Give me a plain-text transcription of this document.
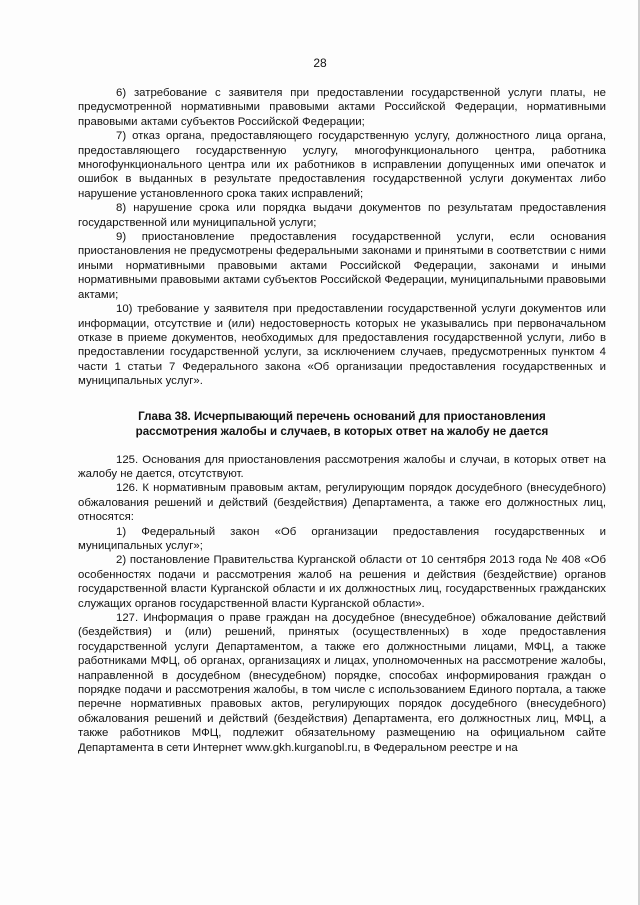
28

6) затребование с заявителя при предоставлении государственной услуги платы, не предусмотренной нормативными правовыми актами Российской Федерации, нормативными правовыми актами субъектов Российской Федерации;

7) отказ органа, предоставляющего государственную услугу, должностного лица органа, предоставляющего государственную услугу, многофункционального центра, работника многофункционального центра или их работников в исправлении допущенных ими опечаток и ошибок в выданных в результате предоставления государственной услуги документах либо нарушение установленного срока таких исправлений;

8) нарушение срока или порядка выдачи документов по результатам предоставления государственной или муниципальной услуги;

9) приостановление предоставления государственной услуги, если основания приостановления не предусмотрены федеральными законами и принятыми в соответствии с ними иными нормативными правовыми актами Российской Федерации, законами и иными нормативными правовыми актами субъектов Российской Федерации, муниципальными правовыми актами;

10) требование у заявителя при предоставлении государственной услуги документов или информации, отсутствие и (или) недостоверность которых не указывались при первоначальном отказе в приеме документов, необходимых для предоставления государственной услуги, либо в предоставлении государственной услуги, за исключением случаев, предусмотренных пунктом 4 части 1 статьи 7 Федерального закона «Об организации предоставления государственных и муниципальных услуг».

Глава 38. Исчерпывающий перечень оснований для приостановления
рассмотрения жалобы и случаев, в которых ответ на жалобу не дается

125. Основания для приостановления рассмотрения жалобы и случаи, в которых ответ на жалобу не дается, отсутствуют.

126. К нормативным правовым актам, регулирующим порядок досудебного (внесудебного) обжалования решений и действий (бездействия) Департамента, а также его должностных лиц, относятся:

1) Федеральный закон «Об организации предоставления государственных и муниципальных услуг»;

2) постановление Правительства Курганской области от 10 сентября 2013 года № 408 «Об особенностях подачи и рассмотрения жалоб на решения и действия (бездействие) органов государственной власти Курганской области и их должностных лиц, государственных гражданских служащих органов государственной власти Курганской области».

127. Информация о праве граждан на досудебное (внесудебное) обжалование действий (бездействия) и (или) решений, принятых (осуществленных) в ходе предоставления государственной услуги Департаментом, а также его должностными лицами, МФЦ, а также работниками МФЦ, об органах, организациях и лицах, уполномоченных на рассмотрение жалобы, направленной в досудебном (внесудебном) порядке, способах информирования граждан о порядке подачи и рассмотрения жалобы, в том числе с использованием Единого портала, а также перечне нормативных правовых актов, регулирующих порядок досудебного (внесудебного) обжалования решений и действий (бездействия) Департамента, его должностных лиц, МФЦ, а также работников МФЦ, подлежит обязательному размещению на официальном сайте Департамента в сети Интернет www.gkh.kurganobl.ru, в Федеральном реестре и на
